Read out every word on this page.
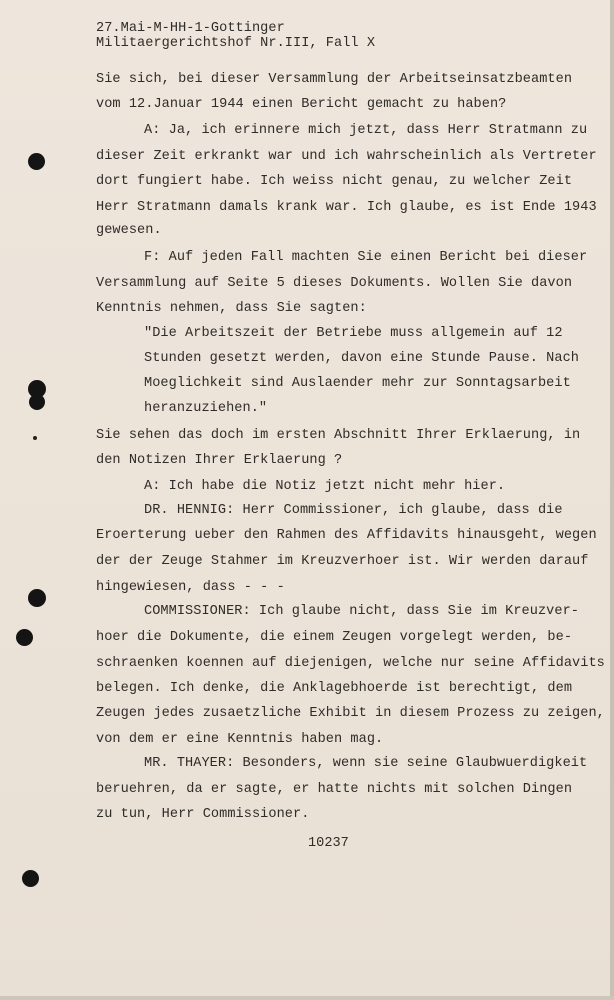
27.Mai-M-HH-1-Gottinger
Militaergerichtshof Nr.III, Fall X
Sie sich, bei dieser Versammlung der Arbeitseinsatzbeamten
vom 12.Januar 1944 einen Bericht gemacht zu haben?
A: Ja, ich erinnere mich jetzt, dass Herr Stratmann zu
dieser Zeit erkrankt war und ich wahrscheinlich als Vertreter
dort fungiert habe. Ich weiss nicht genau, zu welcher Zeit
Herr Stratmann damals krank war. Ich glaube, es ist Ende 1943
gewesen.
F: Auf jeden Fall machten Sie einen Bericht bei dieser
Versammlung auf Seite 5 dieses Dokuments. Wollen Sie davon
Kenntnis nehmen, dass Sie sagten:
"Die Arbeitszeit der Betriebe muss allgemein auf 12
Stunden gesetzt werden, davon eine Stunde Pause. Nach
Moeglichkeit sind Auslaender mehr zur Sonntagsarbeit
heranzuziehen."
Sie sehen das doch im ersten Abschnitt Ihrer Erklaerung, in
den Notizen Ihrer Erklaerung ?
A: Ich habe die Notiz jetzt nicht mehr hier.
DR. HENNIG: Herr Commissioner, ich glaube, dass die
Eroerterung ueber den Rahmen des Affidavits hinausgeht, wegen
der der Zeuge Stahmer im Kreuzverhoer ist. Wir werden darauf
hingewiesen, dass - - -
COMMISSIONER: Ich glaube nicht, dass Sie im Kreuzver-
hoer die Dokumente, die einem Zeugen vorgelegt werden, be-
schraenken koennen auf diejenigen, welche nur seine Affidavits
belegen. Ich denke, die Anklagebhoerde ist berechtigt, dem
Zeugen jedes zusaetzliche Exhibit in diesem Prozess zu zeigen,
von dem er eine Kenntnis haben mag.
MR. THAYER: Besonders, wenn sie seine Glaubwuerdigkeit
beruehren, da er sagte, er hatte nichts mit solchen Dingen
zu tun, Herr Commissioner.
10237
